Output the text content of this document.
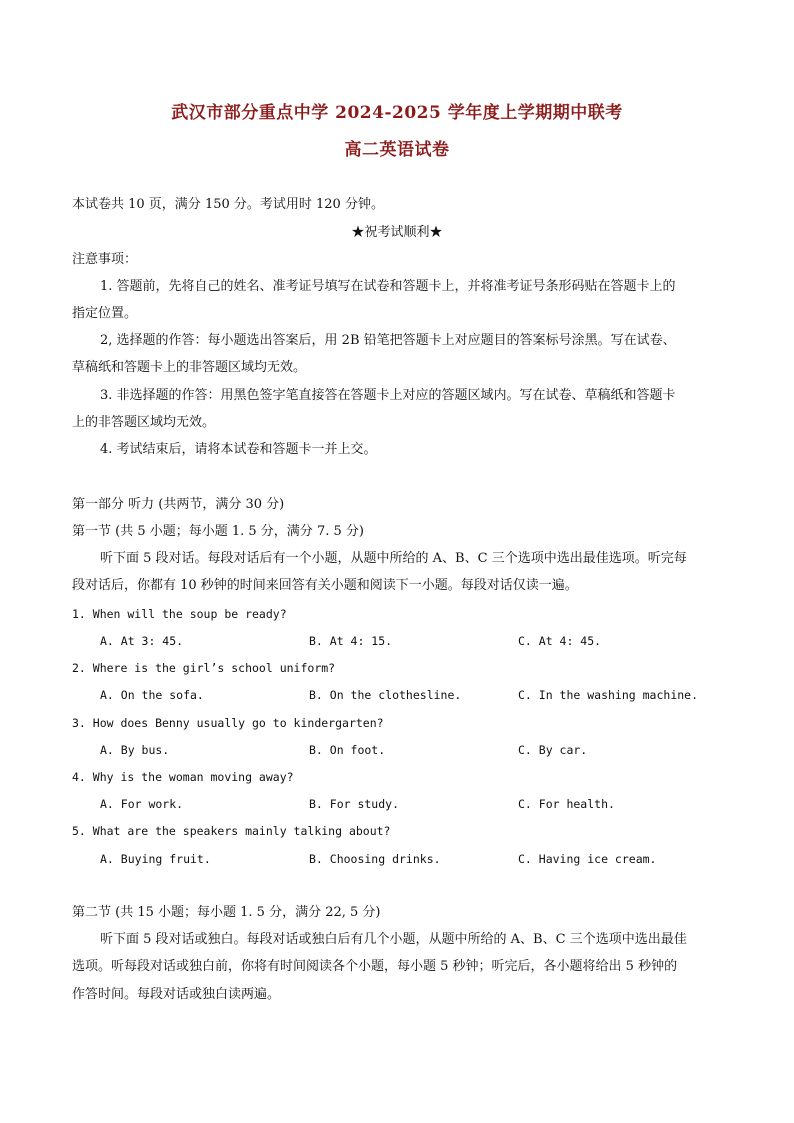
武汉市部分重点中学 2024-2025 学年度上学期期中联考
高二英语试卷
本试卷共 10 页，满分 150 分。考试用时 120 分钟。
★祝考试顺利★
注意事项：
1. 答题前，先将自己的姓名、准考证号填写在试卷和答题卡上，并将准考证号条形码贴在答题卡上的
指定位置。
2, 选择题的作答：每小题选出答案后，用 2B 铅笔把答题卡上对应题目的答案标号涂黑。写在试卷、
草稿纸和答题卡上的非答题区域均无效。
3. 非选择题的作答：用黑色签字笔直接答在答题卡上对应的答题区域内。写在试卷、草稿纸和答题卡
上的非答题区域均无效。
4. 考试结束后，请将本试卷和答题卡一并上交。
第一部分 听力 (共两节，满分 30 分)
第一节 (共 5 小题；每小题 1. 5 分，满分 7. 5 分)
听下面 5 段对话。每段对话后有一个小题，从题中所给的 A、B、C 三个选项中选出最佳选项。听完每
段对话后，你都有 10 秒钟的时间来回答有关小题和阅读下一小题。每段对话仅读一遍。
1. When will the soup be ready?
A. At 3: 45.	B. At 4: 15.	C. At 4: 45.
2. Where is the girl’s school uniform?
A. On the sofa.	B. On the clothesline.	C. In the washing machine.
3. How does Benny usually go to kindergarten?
A. By bus.	B. On foot.	C. By car.
4. Why is the woman moving away?
A. For work.	B. For study.	C. For health.
5. What are the speakers mainly talking about?
A. Buying fruit.	B. Choosing drinks.	C. Having ice cream.
第二节 (共 15 小题；每小题 1. 5 分，满分 22, 5 分)
听下面 5 段对话或独白。每段对话或独白后有几个小题，从题中所给的 A、B、C 三个选项中选出最佳
选项。听每段对话或独白前，你将有时间阅读各个小题，每小题 5 秒钟；听完后，各小题将给出 5 秒钟的
作答时间。每段对话或独白读两遍。
